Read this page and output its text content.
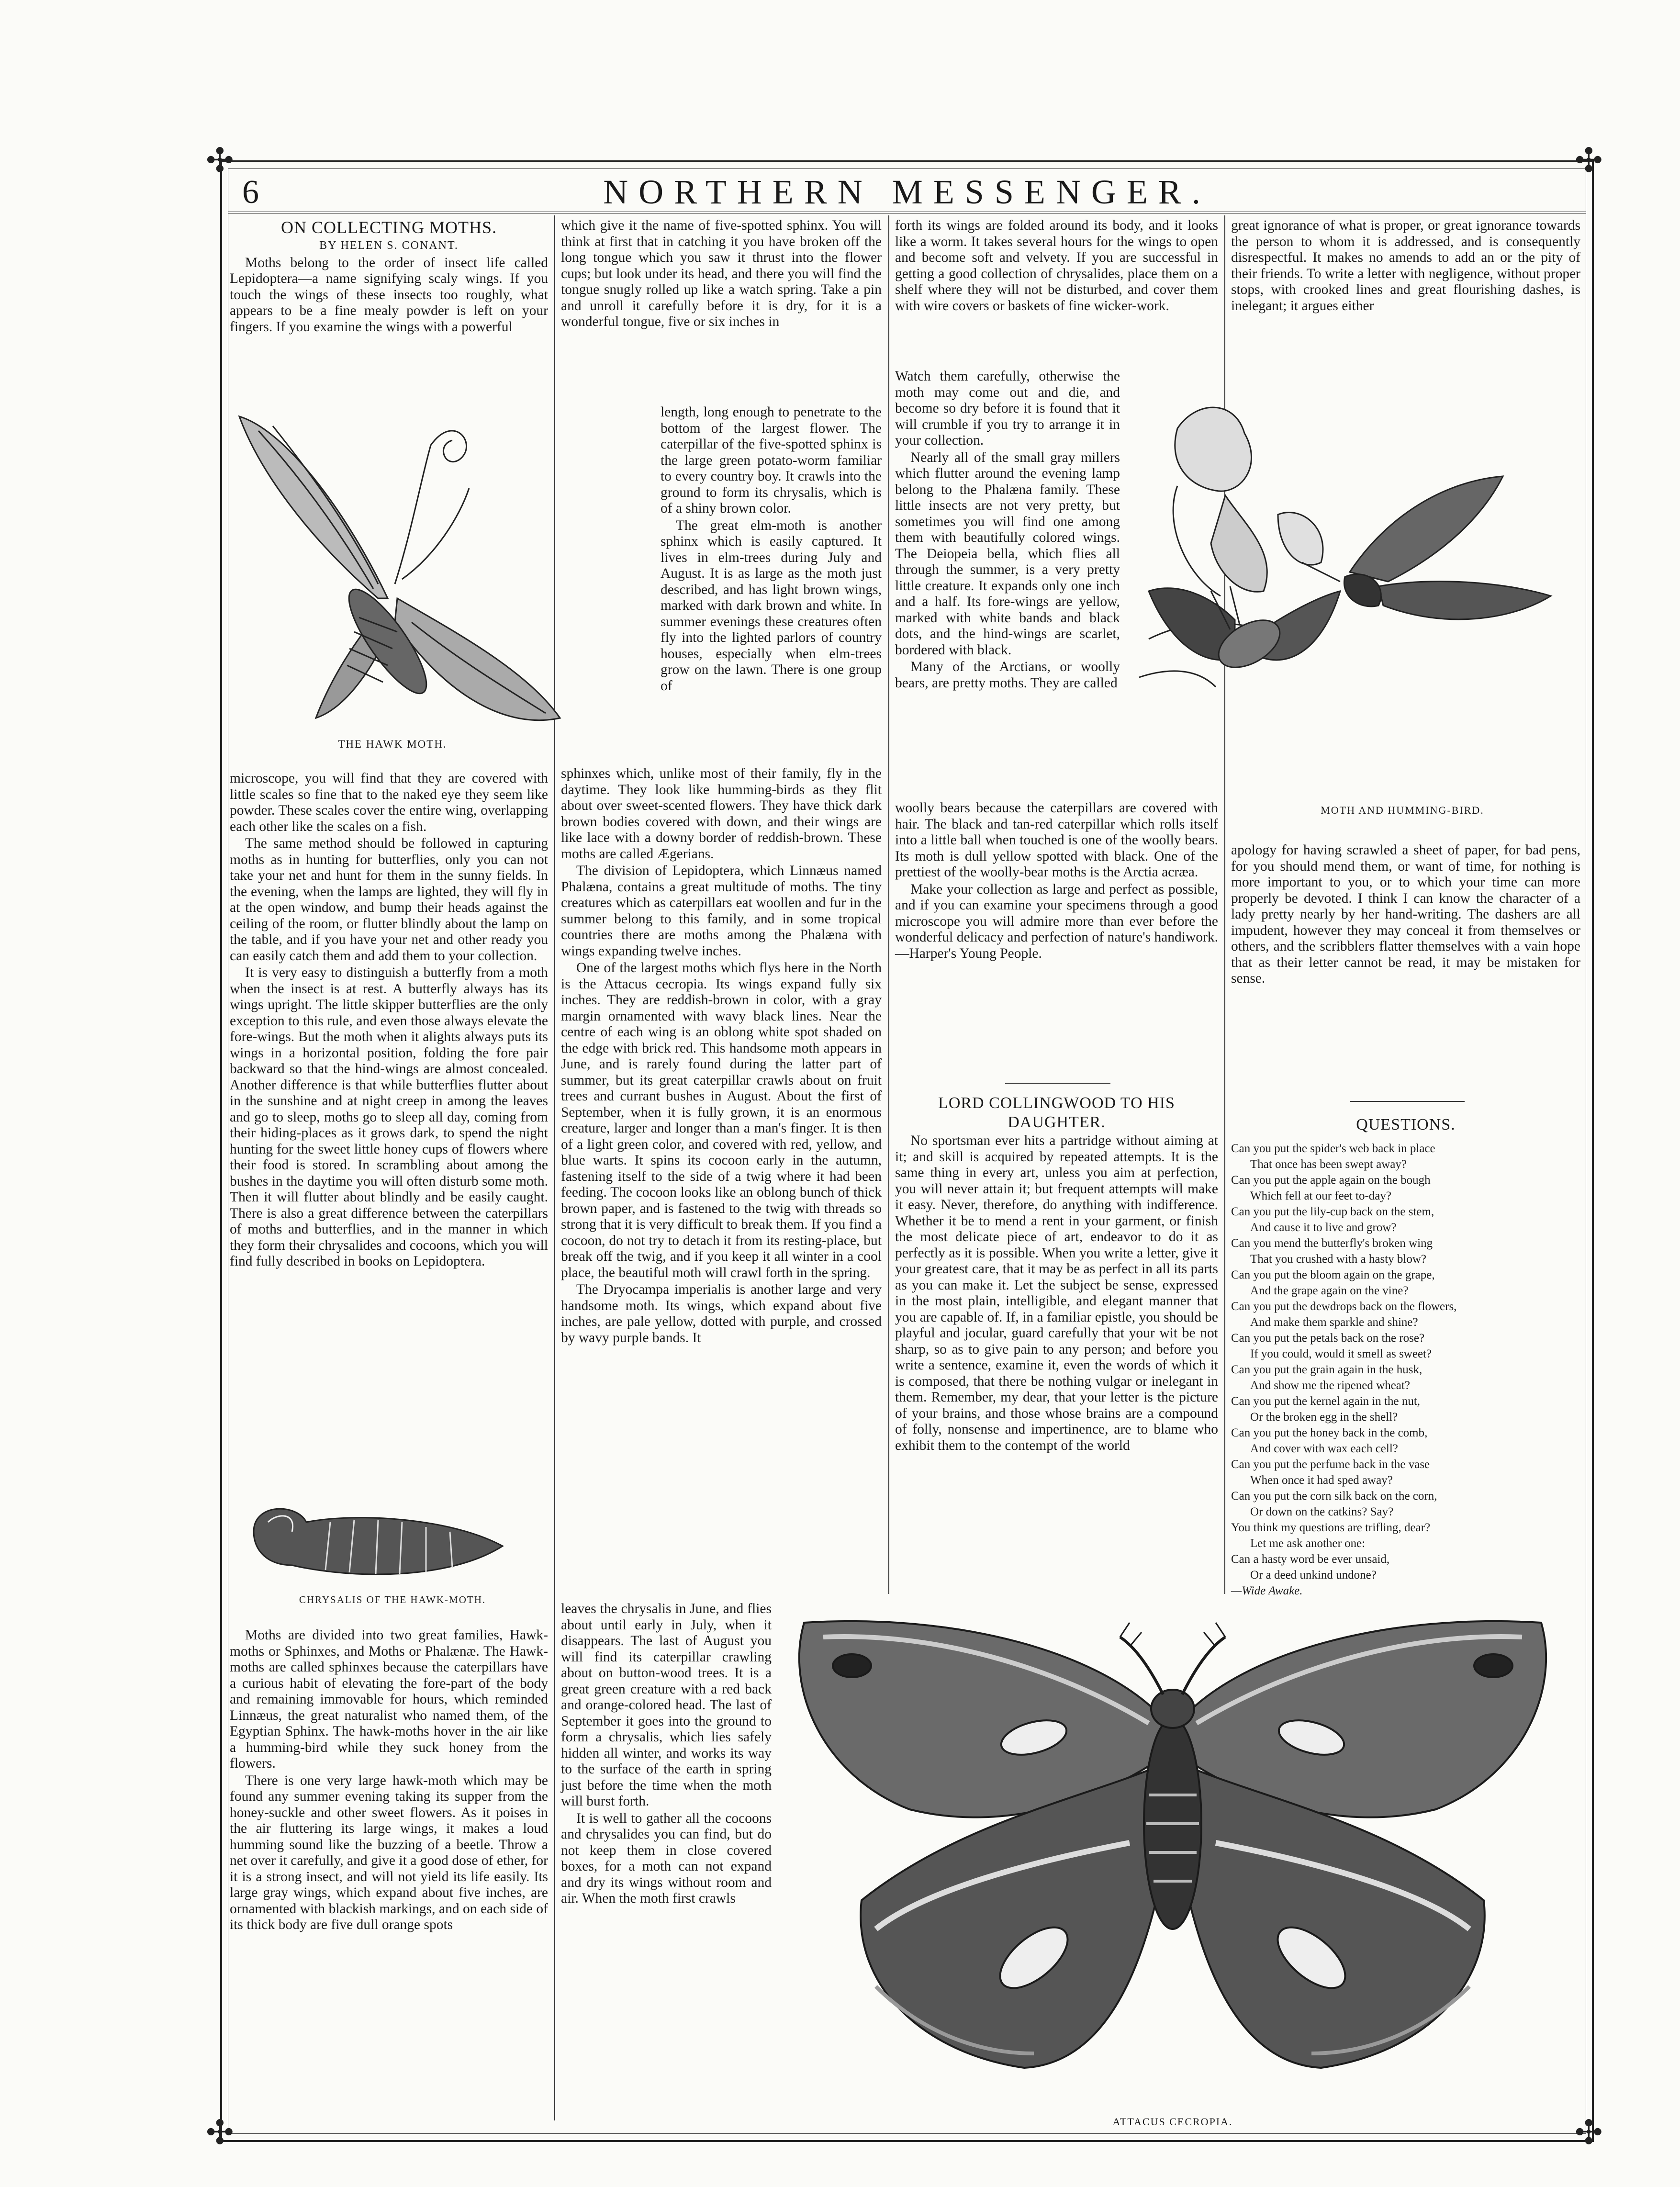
✣	✣
✣	✣
6	NORTHERN MESSENGER.

ON COLLECTING MOTHS.

BY HELEN S. CONANT.

Moths belong to the order of insect life called Lepidoptera—a name signifying scaly wings. If you touch the wings of these insects too roughly, what appears to be a fine mealy powder is left on your fingers. If you examine the wings with a powerful

THE HAWK MOTH.

microscope, you will find that they are covered with little scales so fine that to the naked eye they seem like powder. These scales cover the entire wing, overlapping each other like the scales on a fish.

The same method should be followed in capturing moths as in hunting for butterflies, only you can not take your net and hunt for them in the sunny fields. In the evening, when the lamps are lighted, they will fly in at the open window, and bump their heads against the ceiling of the room, or flutter blindly about the lamp on the table, and if you have your net and other ready you can easily catch them and add them to your collection.

It is very easy to distinguish a butterfly from a moth when the insect is at rest. A butterfly always has its wings upright. The little skipper butterflies are the only exception to this rule, and even those always elevate the fore-wings. But the moth when it alights always puts its wings in a horizontal position, folding the fore pair backward so that the hind-wings are almost concealed. Another difference is that while butterflies flutter about in the sunshine and at night creep in among the leaves and go to sleep, moths go to sleep all day, coming from their hiding-places as it grows dark, to spend the night hunting for the sweet little honey cups of flowers where their food is stored. In scrambling about among the bushes in the daytime you will often disturb some moth. Then it will flutter about blindly and be easily caught. There is also a great difference between the caterpillars of moths and butterflies, and in the manner in which they form their chrysalides and cocoons, which you will find fully described in books on Lepidoptera.

CHRYSALIS OF THE HAWK-MOTH.

Moths are divided into two great families, Hawk-moths or Sphinxes, and Moths or Phalænæ. The Hawk-moths are called sphinxes because the caterpillars have a curious habit of elevating the fore-part of the body and remaining immovable for hours, which reminded Linnæus, the great naturalist who named them, of the Egyptian Sphinx. The hawk-moths hover in the air like a humming-bird while they suck honey from the flowers.

There is one very large hawk-moth which may be found any summer evening taking its supper from the honey-suckle and other sweet flowers. As it poises in the air fluttering its large wings, it makes a loud humming sound like the buzzing of a beetle. Throw a net over it carefully, and give it a good dose of ether, for it is a strong insect, and will not yield its life easily. Its large gray wings, which expand about five inches, are ornamented with blackish markings, and on each side of its thick body are five dull orange spots

which give it the name of five-spotted sphinx. You will think at first that in catching it you have broken off the long tongue which you saw it thrust into the flower cups; but look under its head, and there you will find the tongue snugly rolled up like a watch spring. Take a pin and unroll it carefully before it is dry, for it is a wonderful tongue, five or six inches in

length, long enough to penetrate to the bottom of the largest flower. The caterpillar of the five-spotted sphinx is the large green potato-worm familiar to every country boy. It crawls into the ground to form its chrysalis, which is of a shiny brown color.

The great elm-moth is another sphinx which is easily captured. It lives in elm-trees during July and August. It is as large as the moth just described, and has light brown wings, marked with dark brown and white. In summer evenings these creatures often fly into the lighted parlors of country houses, especially when elm-trees grow on the lawn. There is one group of

sphinxes which, unlike most of their family, fly in the daytime. They look like humming-birds as they flit about over sweet-scented flowers. They have thick dark brown bodies covered with down, and their wings are like lace with a downy border of reddish-brown. These moths are called Ægerians.

The division of Lepidoptera, which Linnæus named Phalæna, contains a great multitude of moths. The tiny creatures which as caterpillars eat woollen and fur in the summer belong to this family, and in some tropical countries there are moths among the Phalæna with wings expanding twelve inches.

One of the largest moths which flys here in the North is the Attacus cecropia. Its wings expand fully six inches. They are reddish-brown in color, with a gray margin ornamented with wavy black lines. Near the centre of each wing is an oblong white spot shaded on the edge with brick red. This handsome moth appears in June, and is rarely found during the latter part of summer, but its great caterpillar crawls about on fruit trees and currant bushes in August. About the first of September, when it is fully grown, it is an enormous creature, larger and longer than a man's finger. It is then of a light green color, and covered with red, yellow, and blue warts. It spins its cocoon early in the autumn, fastening itself to the side of a twig where it had been feeding. The cocoon looks like an oblong bunch of thick brown paper, and is fastened to the twig with threads so strong that it is very difficult to break them. If you find a cocoon, do not try to detach it from its resting-place, but break off the twig, and if you keep it all winter in a cool place, the beautiful moth will crawl forth in the spring.

The Dryocampa imperialis is another large and very handsome moth. Its wings, which expand about five inches, are pale yellow, dotted with purple, and crossed by wavy purple bands. It

leaves the chrysalis in June, and flies about until early in July, when it disappears. The last of August you will find its caterpillar crawling about on button-wood trees. It is a great green creature with a red back and orange-colored head. The last of September it goes into the ground to form a chrysalis, which lies safely hidden all winter, and works its way to the surface of the earth in spring just before the time when the moth will burst forth.

It is well to gather all the cocoons and chrysalides you can find, but do not keep them in close covered boxes, for a moth can not expand and dry its wings without room and air. When the moth first crawls

forth its wings are folded around its body, and it looks like a worm. It takes several hours for the wings to open and become soft and velvety. If you are successful in getting a good collection of chrysalides, place them on a shelf where they will not be disturbed, and cover them with wire covers or baskets of fine wicker-work.

Watch them carefully, otherwise the moth may come out and die, and become so dry before it is found that it will crumble if you try to arrange it in your collection.

Nearly all of the small gray millers which flutter around the evening lamp belong to the Phalæna family. These little insects are not very pretty, but sometimes you will find one among them with beautifully colored wings. The Deiopeia bella, which flies all through the summer, is a very pretty little creature. It expands only one inch and a half. Its fore-wings are yellow, marked with white bands and black dots, and the hind-wings are scarlet, bordered with black.

Many of the Arctians, or woolly bears, are pretty moths. They are called

woolly bears because the caterpillars are covered with hair. The black and tan-red caterpillar which rolls itself into a little ball when touched is one of the woolly bears. Its moth is dull yellow spotted with black. One of the prettiest of the woolly-bear moths is the Arctia acræa.

Make your collection as large and perfect as possible, and if you can examine your specimens through a good microscope you will admire more than ever before the wonderful delicacy and perfection of nature's handiwork.—Harper's Young People.

LORD COLLINGWOOD TO HIS DAUGHTER.

No sportsman ever hits a partridge without aiming at it; and skill is acquired by repeated attempts. It is the same thing in every art, unless you aim at perfection, you will never attain it; but frequent attempts will make it easy. Never, therefore, do anything with indifference. Whether it be to mend a rent in your garment, or finish the most delicate piece of art, endeavor to do it as perfectly as it is possible. When you write a letter, give it your greatest care, that it may be as perfect in all its parts as you can make it. Let the subject be sense, expressed in the most plain, intelligible, and elegant manner that you are capable of. If, in a familiar epistle, you should be playful and jocular, guard carefully that your wit be not sharp, so as to give pain to any person; and before you write a sentence, examine it, even the words of which it is composed, that there be nothing vulgar or inelegant in them. Remember, my dear, that your letter is the picture of your brains, and those whose brains are a compound of folly, nonsense and impertinence, are to blame who exhibit them to the contempt of the world

MOTH AND HUMMING-BIRD.

great ignorance of what is proper, or great ignorance towards the person to whom it is addressed, and is consequently disrespectful. It makes no amends to add an or the pity of their friends. To write a letter with negligence, without proper stops, with crooked lines and great flourishing dashes, is inelegant; it argues either

apology for having scrawled a sheet of paper, for bad pens, for you should mend them, or want of time, for nothing is more important to you, or to which your time can more properly be devoted. I think I can know the character of a lady pretty nearly by her hand-writing. The dashers are all impudent, however they may conceal it from themselves or others, and the scribblers flatter themselves with a vain hope that as their letter cannot be read, it may be mistaken for sense.

QUESTIONS.

Can you put the spider's web back in place

That once has been swept away?

Can you put the apple again on the bough

Which fell at our feet to-day?

Can you put the lily-cup back on the stem,

And cause it to live and grow?

Can you mend the butterfly's broken wing

That you crushed with a hasty blow?

Can you put the bloom again on the grape,

And the grape again on the vine?

Can you put the dewdrops back on the flowers,

And make them sparkle and shine?

Can you put the petals back on the rose?

If you could, would it smell as sweet?

Can you put the grain again in the husk,

And show me the ripened wheat?

Can you put the kernel again in the nut,

Or the broken egg in the shell?

Can you put the honey back in the comb,

And cover with wax each cell?

Can you put the perfume back in the vase

When once it had sped away?

Can you put the corn silk back on the corn,

Or down on the catkins? Say?

You think my questions are trifling, dear?

Let me ask another one:

Can a hasty word be ever unsaid,

Or a deed unkind undone?

—Wide Awake.

ATTACUS CECROPIA.
